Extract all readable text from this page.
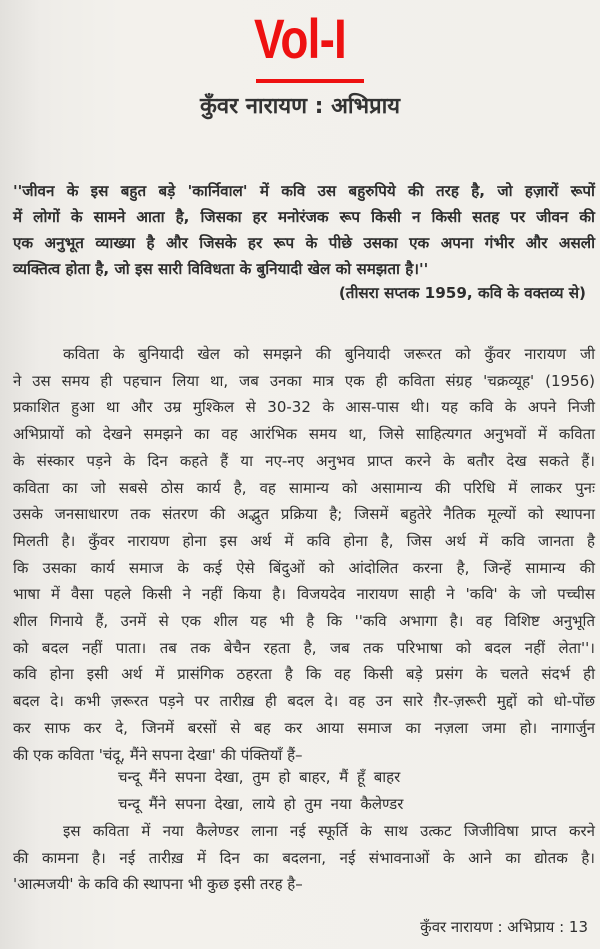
Vol-I
कुँवर नारायण : अभिप्राय
''जीवन के इस बहुत बड़े 'कार्निवाल' में कवि उस बहुरुपिये की तरह है, जो हज़ारों रूपों
में लोगों के सामने आता है, जिसका हर मनोरंजक रूप किसी न किसी सतह पर जीवन की
एक अनुभूत व्याख्या है और जिसके हर रूप के पीछे उसका एक अपना गंभीर और असली
व्यक्तित्व होता है, जो इस सारी विविधता के बुनियादी खेल को समझता है।''
(तीसरा सप्तक 1959, कवि के वक्तव्य से)
कविता के बुनियादी खेल को समझने की बुनियादी जरूरत को कुँवर नारायण जी
ने उस समय ही पहचान लिया था, जब उनका मात्र एक ही कविता संग्रह 'चक्रव्यूह' (1956)
प्रकाशित हुआ था और उम्र मुश्किल से 30-32 के आस-पास थी। यह कवि के अपने निजी
अभिप्रायों को देखने समझने का वह आरंभिक समय था, जिसे साहित्यगत अनुभवों में कविता
के संस्कार पड़ने के दिन कहते हैं या नए-नए अनुभव प्राप्त करने के बतौर देख सकते हैं।
कविता का जो सबसे ठोस कार्य है, वह सामान्य को असामान्य की परिधि में लाकर पुनः
उसके जनसाधारण तक संतरण की अद्भुत प्रक्रिया है; जिसमें बहुतेरे नैतिक मूल्यों को स्थापना
मिलती है। कुँवर नारायण होना इस अर्थ में कवि होना है, जिस अर्थ में कवि जानता है
कि उसका कार्य समाज के कई ऐसे बिंदुओं को आंदोलित करना है, जिन्हें सामान्य की
भाषा में वैसा पहले किसी ने नहीं किया है। विजयदेव नारायण साही ने 'कवि' के जो पच्चीस
शील गिनाये हैं, उनमें से एक शील यह भी है कि ''कवि अभागा है। वह विशिष्ट अनुभूति
को बदल नहीं पाता। तब तक बेचैन रहता है, जब तक परिभाषा को बदल नहीं लेता''।
कवि होना इसी अर्थ में प्रासंगिक ठहरता है कि वह किसी बड़े प्रसंग के चलते संदर्भ ही
बदल दे। कभी ज़रूरत पड़ने पर तारीख़ ही बदल दे। वह उन सारे ग़ैर-ज़रूरी मुद्दों को धो-पोंछ
कर साफ कर दे, जिनमें बरसों से बह कर आया समाज का नज़ला जमा हो। नागार्जुन
की एक कविता 'चंदू, मैंने सपना देखा' की पंक्तियाँ हैं–
चन्दू मैंने सपना देखा, तुम हो बाहर, मैं हूँ बाहर
चन्दू मैंने सपना देखा, लाये हो तुम नया कैलेण्डर
इस कविता में नया कैलेण्डर लाना नई स्फूर्ति के साथ उत्कट जिजीविषा प्राप्त करने
की कामना है। नई तारीख़ में दिन का बदलना, नई संभावनाओं के आने का द्योतक है।
'आत्मजयी' के कवि की स्थापना भी कुछ इसी तरह है–
कुँवर नारायण : अभिप्राय : 13
